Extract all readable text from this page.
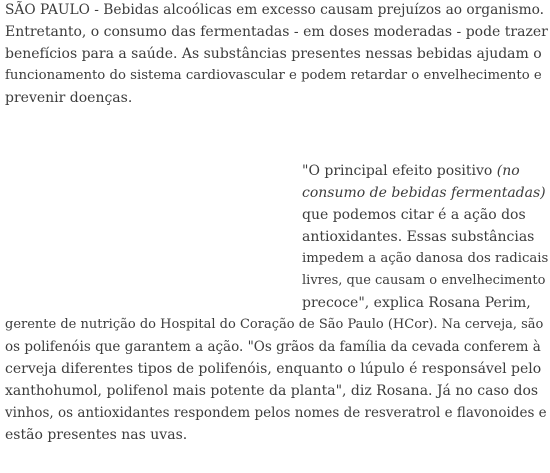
SÃO PAULO - Bebidas alcoólicas em excesso causam prejuízos ao organismo.
Entretanto, o consumo das fermentadas - em doses moderadas - pode trazer
benefícios para a saúde. As substâncias presentes nessas bebidas ajudam o
funcionamento do sistema cardiovascular e podem retardar o envelhecimento e
prevenir doenças.
"O principal efeito positivo (no
consumo de bebidas fermentadas)
que podemos citar é a ação dos
antioxidantes. Essas substâncias
impedem a ação danosa dos radicais
livres, que causam o envelhecimento
precoce", explica Rosana Perim,
gerente de nutrição do Hospital do Coração de São Paulo (HCor). Na cerveja, são
os polifenóis que garantem a ação. "Os grãos da família da cevada conferem à
cerveja diferentes tipos de polifenóis, enquanto o lúpulo é responsável pelo
xanthohumol, polifenol mais potente da planta", diz Rosana. Já no caso dos
vinhos, os antioxidantes respondem pelos nomes de resveratrol e flavonoides e
estão presentes nas uvas.
